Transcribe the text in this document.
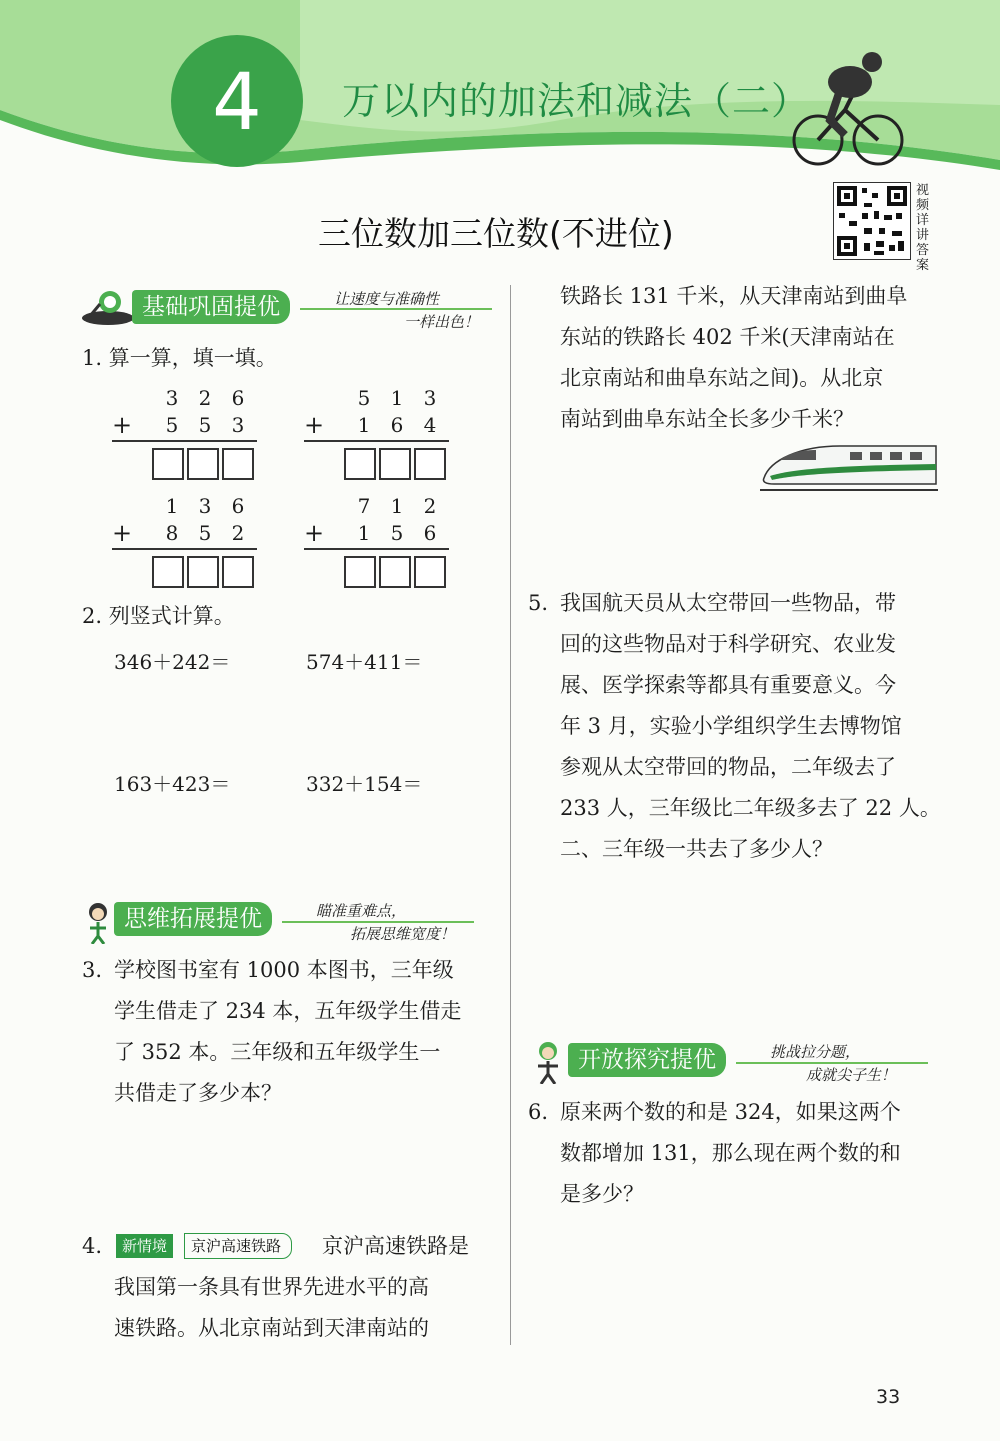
4	万以内的加法和减法（二）
三位数加三位数(不进位)
视频详讲答案
基础巩固提优	让速度与准确性
一样出色！
1. 算一算，填一填。
3 2 6
+ 5 5 3
5 1 3
+ 1 6 4
1 3 6
+ 8 5 2
7 1 2
+ 1 5 6
2. 列竖式计算。
346＋242＝	574＋411＝
163＋423＝	332＋154＝
思维拓展提优	瞄准重难点，
拓展思维宽度！
3. 学校图书室有 1000 本图书，三年级
学生借走了 234 本，五年级学生借走
了 352 本。三年级和五年级学生一
共借走了多少本？
4.	新情境	京沪高速铁路	京沪高速铁路是
我国第一条具有世界先进水平的高
速铁路。从北京南站到天津南站的
铁路长 131 千米，从天津南站到曲阜
东站的铁路长 402 千米(天津南站在
北京南站和曲阜东站之间)。从北京
南站到曲阜东站全长多少千米？
5. 我国航天员从太空带回一些物品，带
回的这些物品对于科学研究、农业发
展、医学探索等都具有重要意义。今
年 3 月，实验小学组织学生去博物馆
参观从太空带回的物品，二年级去了
233 人，三年级比二年级多去了 22 人。
二、三年级一共去了多少人？
开放探究提优	挑战拉分题，
成就尖子生！
6. 原来两个数的和是 324，如果这两个
数都增加 131，那么现在两个数的和
是多少？
33
